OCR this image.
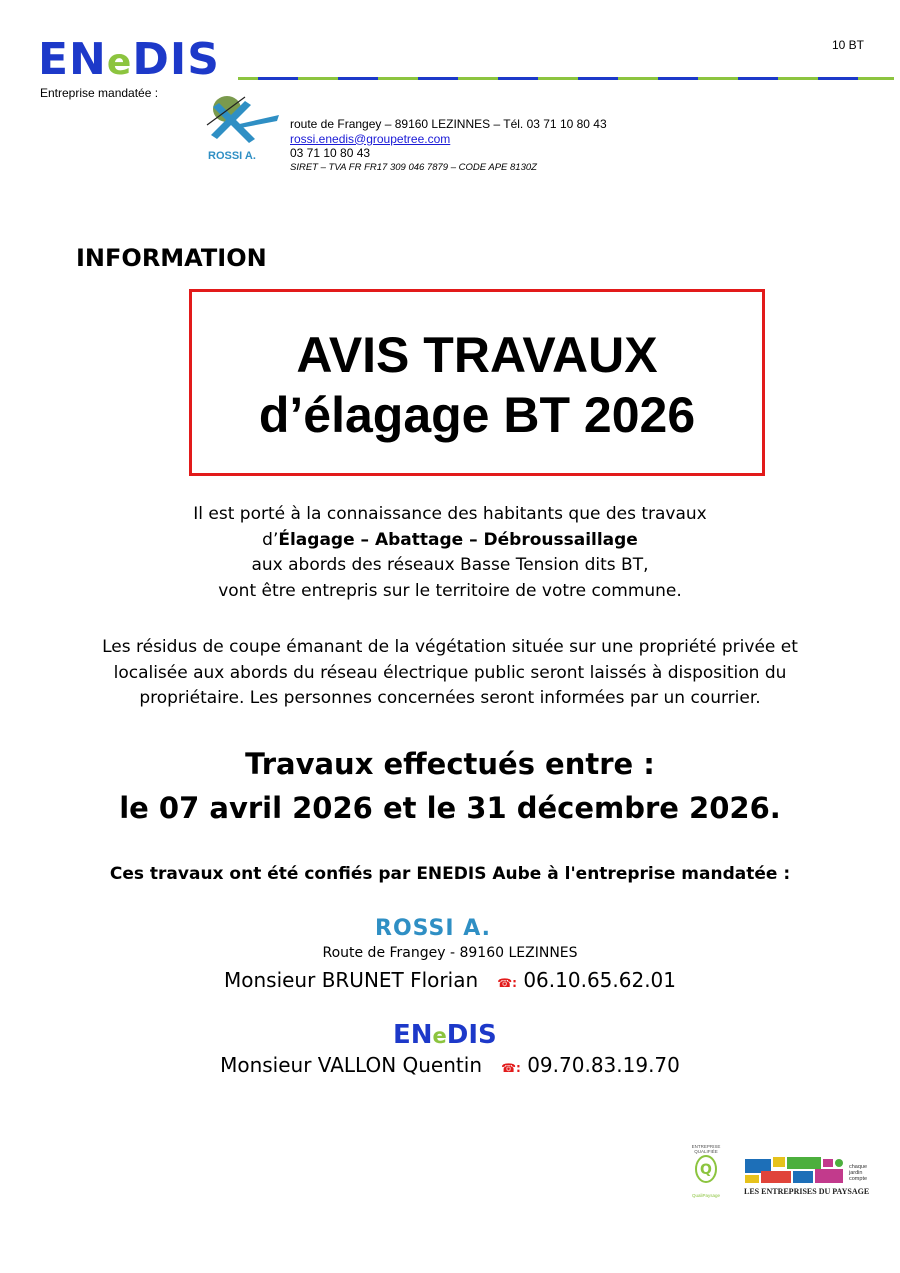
ENeDIS
Entreprise mandatée :
10 BT
ROSSI A.
route de Frangey – 89160 LEZINNES – Tél. 03 71 10 80 43
rossi.enedis@groupetree.com
03 71 10 80 43
SIRET – TVA FR FR17 309 046 7879 – CODE APE 8130Z
INFORMATION
AVIS TRAVAUX
d’élagage BT 2026
Il est porté à la connaissance des habitants que des travaux
d’Élagage – Abattage – Débroussaillage
aux abords des réseaux Basse Tension dits BT,
vont être entrepris sur le territoire de votre commune.
Les résidus de coupe émanant de la végétation située sur une propriété privée et
localisée aux abords du réseau électrique public seront laissés à disposition du
propriétaire. Les personnes concernées seront informées par un courrier.
Travaux effectués entre :
le 07 avril 2026 et le 31 décembre 2026.
Ces travaux ont été confiés par ENEDIS Aube à l'entreprise mandatée :
ROSSI A.
Route de Frangey - 89160 LEZINNES
Monsieur BRUNET Florian ☎: 06.10.65.62.01
ENeDIS
Monsieur VALLON Quentin ☎: 09.70.83.19.70
ENTREPRISE QUALIFIÉE
Q
QualiPaysage	LES ENTREPRISES DU PAYSAGE
chaque
jardin
compte
